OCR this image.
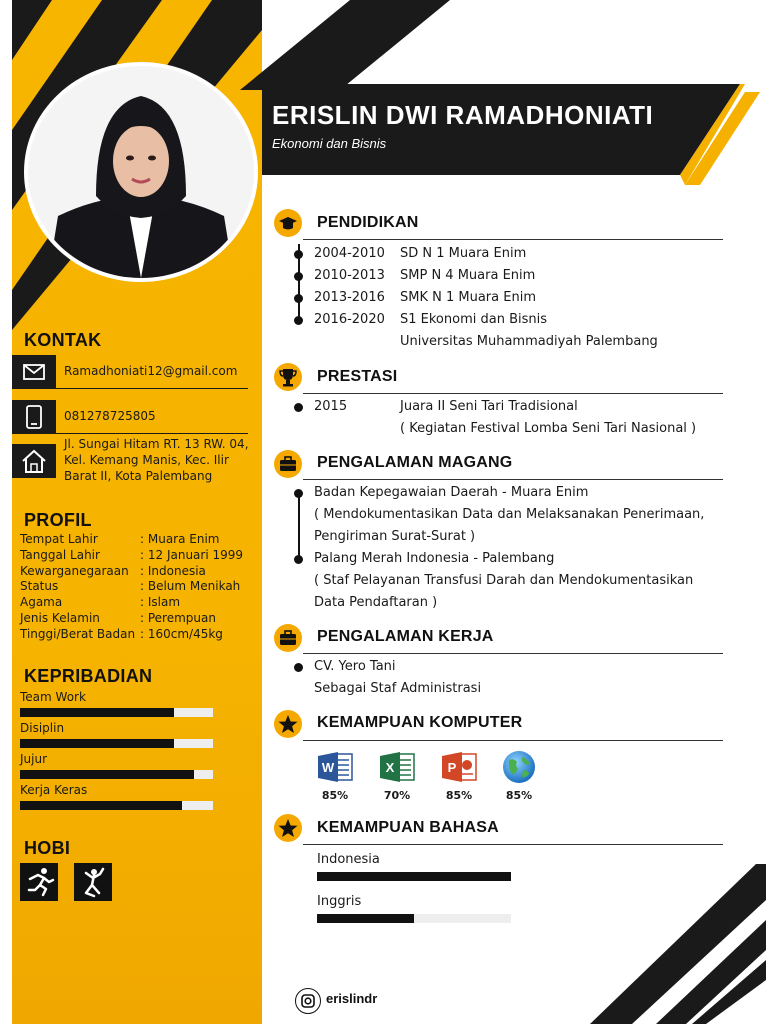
ERISLIN DWI RAMADHONIATI
Ekonomi dan Bisnis
KONTAK
Ramadhoniati12@gmail.com
081278725805
Jl. Sungai Hitam RT. 13 RW. 04,
Kel. Kemang Manis, Kec. Ilir
Barat II, Kota Palembang
PROFIL
Tempat Lahir	: Muara Enim
Tanggal Lahir	: 12 Januari 1999
Kewarganegaraan : Indonesia
Status	: Belum Menikah
Agama	: Islam
Jenis Kelamin	: Perempuan
Tinggi/Berat Badan : 160cm/45kg
KEPRIBADIAN
Team Work
Disiplin
Jujur
Kerja Keras
HOBI
PENDIDIKAN
2004-2010 SD N 1 Muara Enim
2010-2013 SMP N 4 Muara Enim
2013-2016 SMK N 1 Muara Enim
2016-2020 S1 Ekonomi dan Bisnis
Universitas Muhammadiyah Palembang
PRESTASI
2015	Juara II Seni Tari Tradisional
( Kegiatan Festival Lomba Seni Tari Nasional )
PENGALAMAN MAGANG
Badan Kepegawaian Daerah - Muara Enim
( Mendokumentasikan Data dan Melaksanakan Penerimaan,
Pengiriman Surat-Surat )
Palang Merah Indonesia - Palembang
( Staf Pelayanan Transfusi Darah dan Mendokumentasikan
Data Pendaftaran )
PENGALAMAN KERJA
CV. Yero Tani
Sebagai Staf Administrasi
KEMAMPUAN KOMPUTER
W
85%
X
70%
P
85%	85%
KEMAMPUAN BAHASA
Indonesia
Inggris
erislindr
